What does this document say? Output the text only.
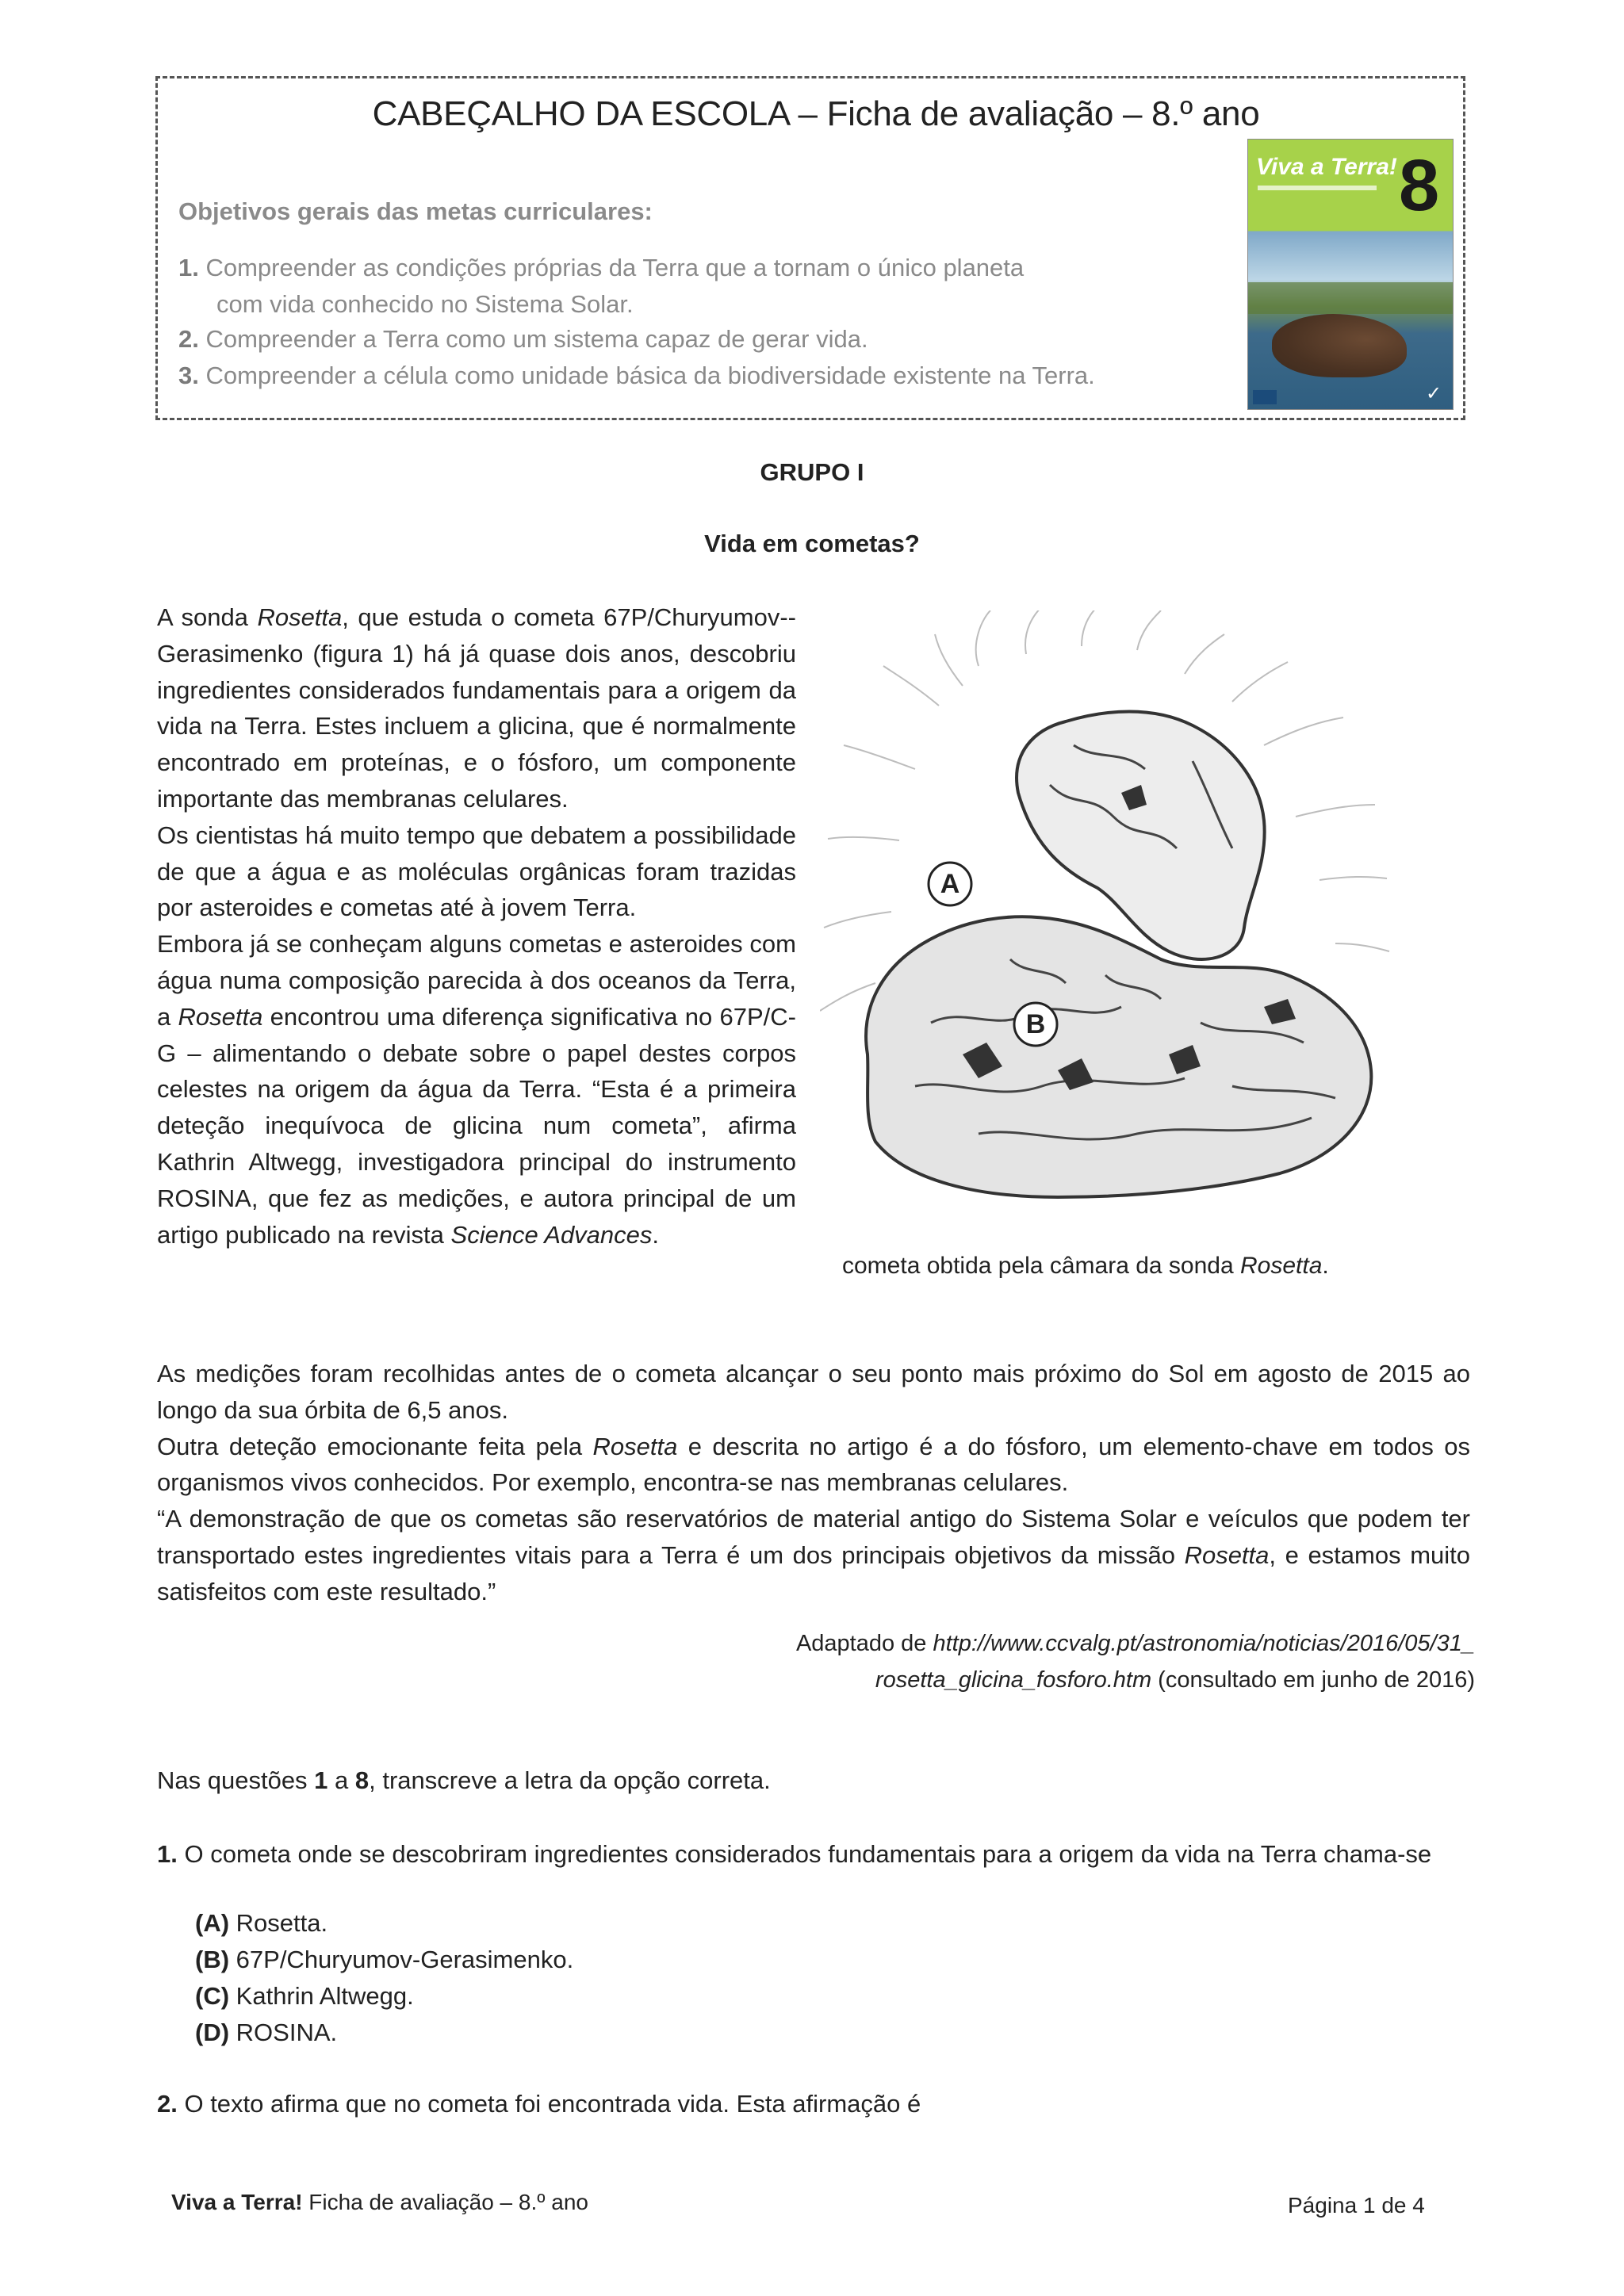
CABEÇALHO DA ESCOLA – Ficha de avaliação – 8.º ano
Objetivos gerais das metas curriculares:
1. Compreender as condições próprias da Terra que a tornam o único planeta
com vida conhecido no Sistema Solar.
2. Compreender a Terra como um sistema capaz de gerar vida.
3. Compreender a célula como unidade básica da biodiversidade existente na Terra.
Viva a Terra! 8
✓
GRUPO I
Vida em cometas?

A sonda Rosetta, que estuda o cometa 67P/Churyumov--Gerasimenko (figura 1) há já quase dois anos, descobriu ingredientes considerados fundamentais para a origem da vida na Terra. Estes incluem a glicina, que é normalmente encontrado em proteínas, e o fósforo, um componente importante das membranas celulares.

Os cientistas há muito tempo que debatem a possibilidade de que a água e as moléculas orgânicas foram trazidas por asteroides e cometas até à jovem Terra.

Embora já se conheçam alguns cometas e asteroides com água numa composição parecida à dos oceanos da Terra, a Rosetta encontrou uma diferença significativa no 67P/C-G – alimentando o debate sobre o papel destes corpos celestes na origem da água da Terra. “Esta é a primeira deteção inequívoca de glicina num cometa”, afirma Kathrin Altwegg, investigadora principal do instrumento ROSINA, que fez as medições, e autora principal de um artigo publicado na revista Science Advances.

A
B
cometa obtida pela câmara da sonda Rosetta.

As medições foram recolhidas antes de o cometa alcançar o seu ponto mais próximo do Sol em agosto de 2015 ao longo da sua órbita de 6,5 anos.

Outra deteção emocionante feita pela Rosetta e descrita no artigo é a do fósforo, um elemento-chave em todos os organismos vivos conhecidos. Por exemplo, encontra-se nas membranas celulares.

“A demonstração de que os cometas são reservatórios de material antigo do Sistema Solar e veículos que podem ter transportado estes ingredientes vitais para a Terra é um dos principais objetivos da missão Rosetta, e estamos muito satisfeitos com este resultado.”

Adaptado de http://www.ccvalg.pt/astronomia/noticias/2016/05/31_
rosetta_glicina_fosforo.htm (consultado em junho de 2016)
Nas questões 1 a 8, transcreve a letra da opção correta.
1. O cometa onde se descobriram ingredientes considerados fundamentais para a origem da vida na Terra chama-se
(A) Rosetta.
(B) 67P/Churyumov-Gerasimenko.
(C) Kathrin Altwegg.
(D) ROSINA.
2. O texto afirma que no cometa foi encontrada vida. Esta afirmação é
Viva a Terra! Ficha de avaliação – 8.º ano	Página 1 de 4
